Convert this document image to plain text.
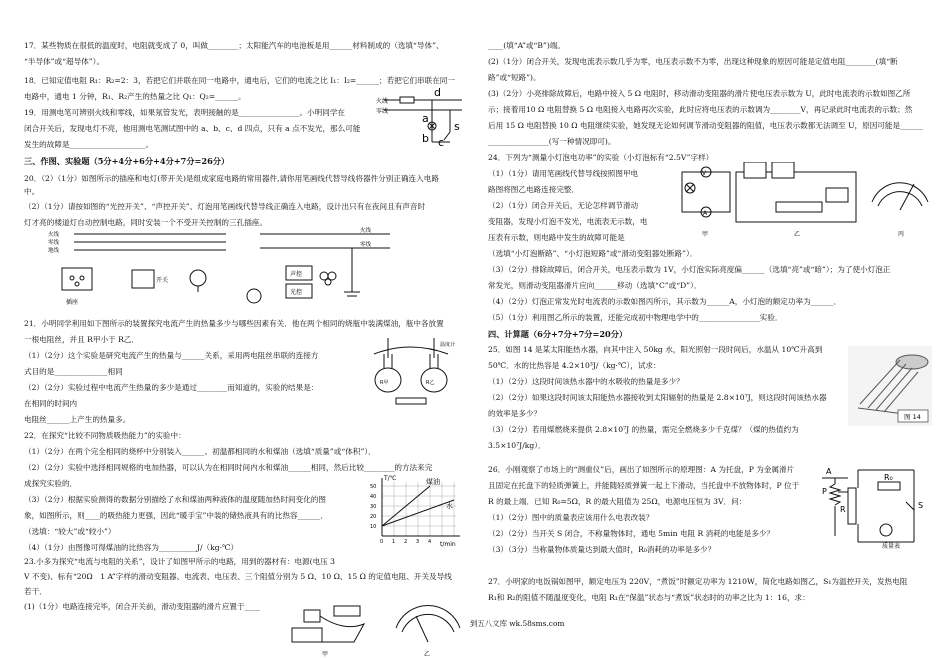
17．某些物质在很低的温度时，电阻就变成了 0，叫做________；太阳能汽车的电池板是用______材料制成的（选填“导体”、
“半导体”或“超导体”）。
18．已知定值电阻 R₁：R₂=2：3，若把它们并联在同一电路中，通电后，它们的电流之比 I₁：I₂=______；若把它们串联在同一
电路中，通电 1 分钟，R₁、R₂产生的热量之比 Q₁：Q₂=______。
19．用测电笔可辨别火线和零线，如果氖管发光，表明接触的是________________。小明同学在
闭合开关后，发现电灯不亮，他用测电笔测试图中的 a、b、c、d 四点，只有 a 点不发光，那么可能
发生的故障是____________________。
三、作图、实验题（5分+4分+6分+4分+7分=26分）
20．（2）（1分）如图所示的插座和电灯(带开关)是组成家庭电路的常用器件,请你用笔画线代替导线将器件分别正确连入电路
中。
（2）（1分）请按如图的“光控开关”、“声控开关”、灯泡用笔画线代替导线正确连入电路，设计出只有在夜间且有声音时
灯才亮的楼道灯自动控制电路，同时安装一个不受开关控制的三孔插座。
21．小明同学利用如下图所示的装置探究电流产生的热量多少与哪些因素有关．他在两个相同的烧瓶中装满煤油，瓶中各放置
一根电阻丝，并且 R甲小于 R乙．
（1）（2分）这个实验是研究电流产生的热量与______关系，采用两电阻丝串联的连接方
式目的是______________相同
（2）（2分）实验过程中电流产生热量的多少是通过________而知道的，实验的结果是：
在相同的时间内
电阻丝______上产生的热量多。
22．在探究“比较不同物质吸热能力”的实验中：
（1）（2分）在两个完全相同的烧杯中分别装入______、初温都相同的水和煤油（选填“质量”或“体积”）．
（2）（2分）实验中选择相同规格的电加热器，可以认为在相同时间内水和煤油______相同，然后比较________的方法来完
成探究实验的．
（3）（2分）根据实验测得的数据分别描绘了水和煤油两种液体的温度随加热时间变化的图
象，如图所示，则____的吸热能力更强，因此“暖手宝”中装的储热液具有的比热容______．
（选填：“较大”或“较小”）
（4）（1分）由图像可得煤油的比热容为__________J/（kg·℃）
23.小多为探究“电流与电阻的关系”，设计了如图甲所示的电路，用到的器材有：电源(电压 3
V 不变)、标有“20Ω　1 A”字样的滑动变阻器、电流表、电压表、三个阻值分别为 5 Ω、10 Ω、15 Ω 的定值电阻、开关及导线
若干．
(1)（1分）电路连接完毕，闭合开关前，滑动变阻器的滑片应置于____
____(填“A”或“B”)端。
(2)（1分）闭合开关，发现电流表示数几乎为零，电压表示数不为零，出现这种现象的原因可能是定值电阻________(填“断
路”或“短路”)。
(3)（2分）小亮排除故障后，电路中接入 5 Ω 电阻时，移动滑动变阻器的滑片使电压表示数为 U，此时电流表的示数如图乙所
示；接着用10 Ω 电阻替换 5 Ω 电阻接入电路再次实验，此时应将电压表的示数调为________V，再记录此时电流表的示数；然
后用 15 Ω 电阻替换 10 Ω 电阻继续实验，她发现无论如何调节滑动变阻器的阻值，电压表示数都无法调至 U，原因可能是______
________________(写一种情况即可)。
24．下列为“测量小灯泡电功率”的实验（小灯泡标有“2.5V”字样）
（1）（1分）请用笔画线代替导线按照图甲电
路图将图乙电路连接完整．
（2）（1分）闭合开关后，无论怎样调节滑动
变阻器，发现小灯泡不发光，电流表无示数，电
压表有示数，则电路中发生的故障可能是
（选填“小灯泡断路”、“小灯泡短路”或“滑动变阻器处断路”）．
（3）（2分）排除故障后，闭合开关，电压表示数为 1V，小灯泡实际亮度偏______（选填“亮”或“暗”）；为了使小灯泡正
常发光，则滑动变阻器滑片应向______移动（选填“C”或“D”）．
（4）（2分）灯泡正常发光时电流表的示数如图丙所示，其示数为______A，小灯泡的额定功率为______．
（5）（1分）利用图乙所示的装置，还能完成初中物理电学中的________________实验．
四、计算题（6分+7分+7分=20分）
25．如图 14 是某太阳能热水器，向其中注入 50kg 水，阳光照射一段时间后，水温从 10℃升高到
50℃．水的比热容是 4.2×10³J/（kg·℃），试求：
（1）（2分）这段时间该热水器中的水吸收的热量是多少？
（2）（2分）如果这段时间该太阳能热水器接收到太阳辐射的热量是 2.8×10⁷J，则这段时间该热水器
的效率是多少？
（3）（2分）若用煤燃烧来提供 2.8×10⁷J 的热量，需完全燃烧多少千克煤？（煤的热值约为
3.5×10⁷J/kg）．
26．小刚观察了市场上的“测重仪”后，画出了如图所示的原理图：A 为托盘，P 为金属滑片
且固定在托盘下的轻质弹簧上，并能随轻质弹簧一起上下滑动，当托盘中不放物体时，P 位于
R 的最上端．已知 R₀=5Ω，R 的最大阻值为 25Ω，电源电压恒为 3V．问：
（1）（2分）图中的质量表应该用什么电表改装？
（2）（2分）当开关 S 闭合，不称量物体时，通电 5min 电阻 R 消耗的电能是多少？
（3）（3分）当称量物体质量达到最大值时，R₀消耗的功率是多少？
27．小明家的电饭锅如图甲，额定电压为 220V，“煮饭”时额定功率为 1210W，简化电路如图乙，S₁为温控开关，发热电阻
R₁和 R₂的阻值不随温度变化，电阻 R₁在“保温”状态与“煮饭”状态时的功率之比为 1：16，求：
火线
零线
d
a
b c
s
火线
零线
地线
插座
开关
火线
零线
声控
光控
温度计
R甲	R乙
T/℃
t/min
煤油
水
50
40
30
20
10
0 1 2 3 4
甲	乙
V
A
甲	乙	丙
图 14
A
P
R
R₀
S
质量表
到五八文库 wk.58sms.com
